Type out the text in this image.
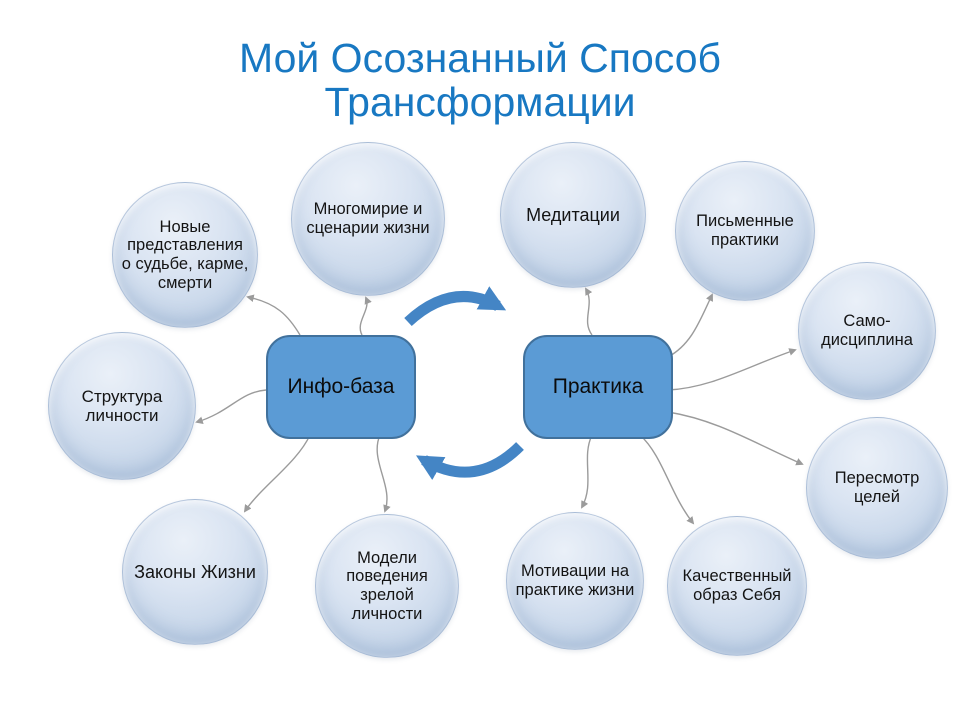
Мой Осознанный Способ
Трансформации
Новые представления о судьбе, карме, смерти
Многомирие и сценарии жизни
Медитации	Письменные практики
Само-дисциплина
Пересмотр целей
Качественный образ Себя
Мотивации на практике жизни
Модели поведения зрелой личности
Законы Жизни
Структура личности
Инфо-база	Практика
